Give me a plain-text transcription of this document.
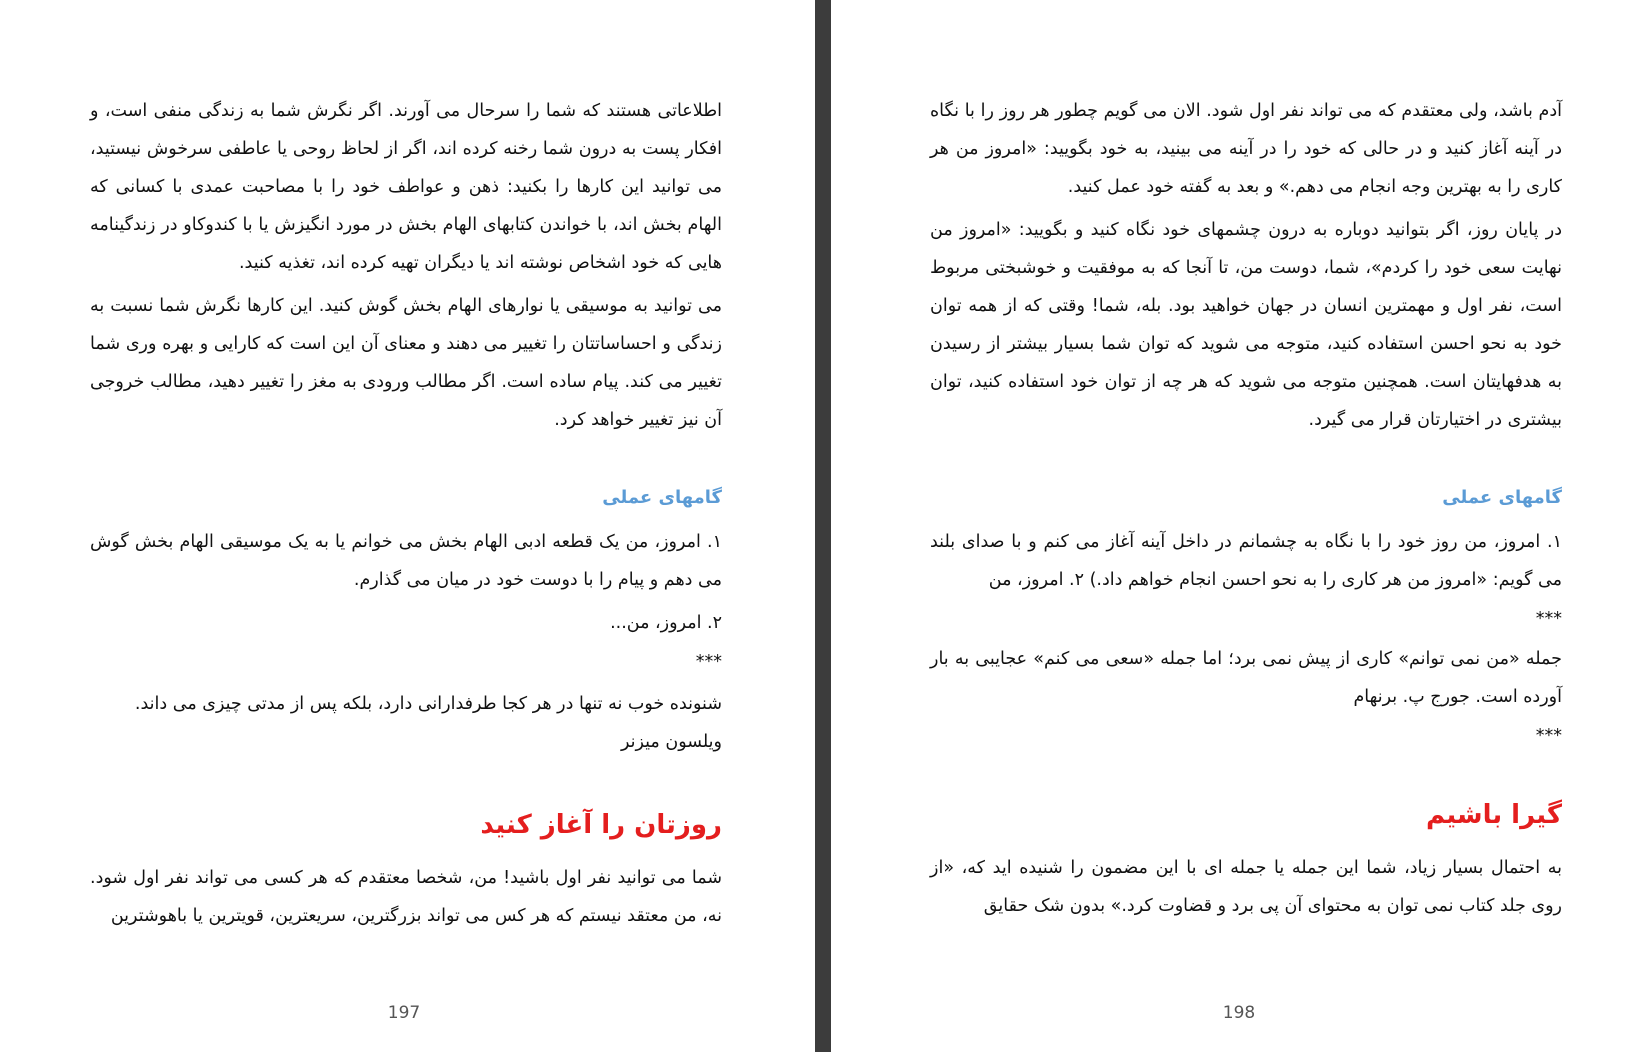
اطلاعاتی هستند که شما را سرحال می آورند. اگر نگرش شما به زندگی منفی است، و افکار پست به درون شما رخنه کرده اند، اگر از لحاظ روحی یا عاطفی سرخوش نیستید، می توانید این کارها را بکنید: ذهن و عواطف خود را با مصاحبت عمدی با کسانی که الهام بخش اند، با خواندن کتابهای الهام بخش در مورد انگیزش یا با کندوکاو در زندگینامه هایی که خود اشخاص نوشته اند یا دیگران تهیه کرده اند، تغذیه کنید.

می توانید به موسیقی یا نوارهای الهام بخش گوش کنید. این کارها نگرش شما نسبت به زندگی و احساساتتان را تغییر می دهند و معنای آن این است که کارایی و بهره وری شما تغییر می کند. پیام ساده است. اگر مطالب ورودی به مغز را تغییر دهید، مطالب خروجی آن نیز تغییر خواهد کرد.

گامهای عملی

۱. امروز، من یک قطعه ادبی الهام بخش می خوانم یا به یک موسیقی الهام بخش گوش می دهم و پیام را با دوست خود در میان می گذارم.

۲. امروز، من...

***

شنونده خوب نه تنها در هر کجا طرفدارانی دارد، بلکه پس از مدتی چیزی می داند.
ویلسون میزنر

روزتان را آغاز کنید

شما می توانید نفر اول باشید! من، شخصا معتقدم که هر کسی می تواند نفر اول شود. نه، من معتقد نیستم که هر کس می تواند بزرگترین، سریعترین، قویترین یا باهوشترین

197

آدم باشد، ولی معتقدم که می تواند نفر اول شود. الان می گویم چطور هر روز را با نگاه در آینه آغاز کنید و در حالی که خود را در آینه می بینید، به خود بگویید: «امروز من هر کاری را به بهترین وجه انجام می دهم.» و بعد به گفته خود عمل کنید.

در پایان روز، اگر بتوانید دوباره به درون چشمهای خود نگاه کنید و بگویید: «امروز من نهایت سعی خود را کردم»، شما، دوست من، تا آنجا که به موفقیت و خوشبختی مربوط است، نفر اول و مهمترین انسان در جهان خواهید بود. بله، شما! وقتی که از همه توان خود به نحو احسن استفاده کنید، متوجه می شوید که توان شما بسیار بیشتر از رسیدن به هدفهایتان است. همچنین متوجه می شوید که هر چه از توان خود استفاده کنید، توان بیشتری در اختیارتان قرار می گیرد.

گامهای عملی

۱. امروز، من روز خود را با نگاه به چشمانم در داخل آینه آغاز می کنم و با صدای بلند می گویم: «امروز من هر کاری را به نحو احسن انجام خواهم داد.) ۲. امروز، من

***

جمله «من نمی توانم» کاری از پیش نمی برد؛ اما جمله «سعی می کنم» عجایبی به بار آورده است. جورج پ. برنهام

***

گیرا باشیم

به احتمال بسیار زیاد، شما این جمله یا جمله ای با این مضمون را شنیده اید که، «از روی جلد کتاب نمی توان به محتوای آن پی برد و قضاوت کرد.» بدون شک حقایق

198
